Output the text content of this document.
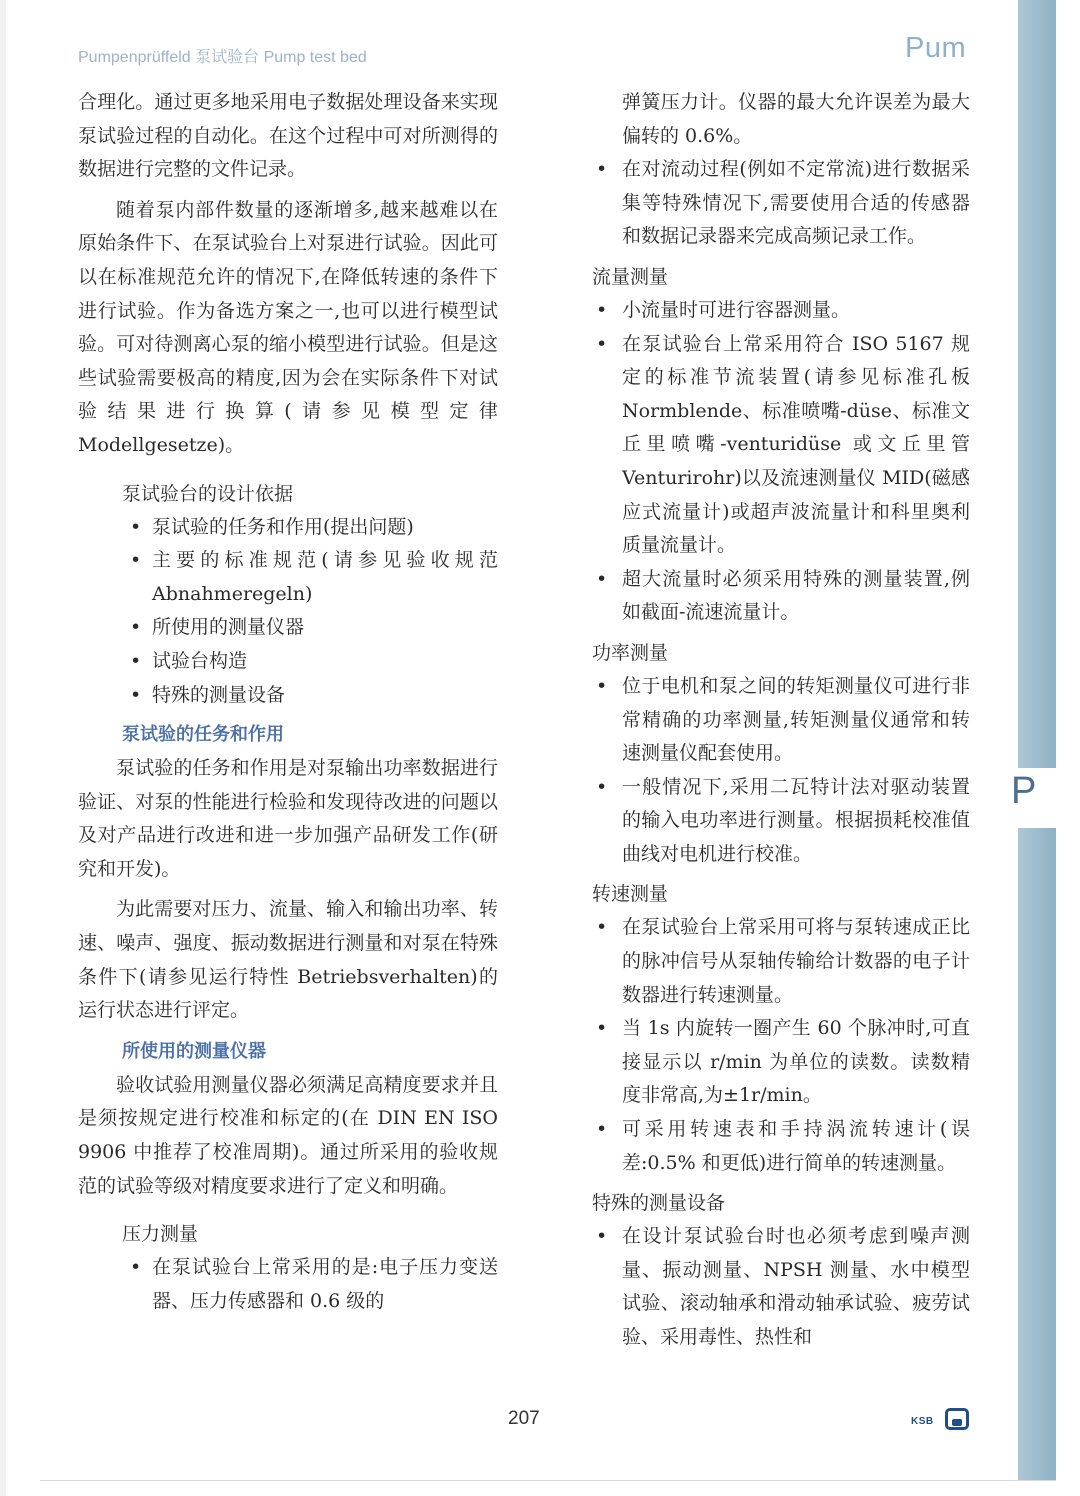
Pumpenprüffeld 泵试验台 Pump test bed	Pum
P

合理化。通过更多地采用电子数据处理设备来实现泵试验过程的自动化。在这个过程中可对所测得的数据进行完整的文件记录。

随着泵内部件数量的逐渐增多,越来越难以在原始条件下、在泵试验台上对泵进行试验。因此可以在标准规范允许的情况下,在降低转速的条件下进行试验。作为备选方案之一,也可以进行模型试验。可对待测离心泵的缩小模型进行试验。但是这些试验需要极高的精度,因为会在实际条件下对试验结果进行换算(请参见模型定律 Modellgesetze)。

泵试验台的设计依据
• 泵试验的任务和作用(提出问题)
• 主要的标准规范(请参见验收规范 Abnahmeregeln)
• 所使用的测量仪器
• 试验台构造
• 特殊的测量设备
泵试验的任务和作用

泵试验的任务和作用是对泵输出功率数据进行验证、对泵的性能进行检验和发现待改进的问题以及对产品进行改进和进一步加强产品研发工作(研究和开发)。

为此需要对压力、流量、输入和输出功率、转速、噪声、强度、振动数据进行测量和对泵在特殊条件下(请参见运行特性 Betriebsverhalten)的运行状态进行评定。

所使用的测量仪器

验收试验用测量仪器必须满足高精度要求并且是须按规定进行校准和标定的(在 DIN EN ISO 9906 中推荐了校准周期)。通过所采用的验收规范的试验等级对精度要求进行了定义和明确。

压力测量
• 在泵试验台上常采用的是:电子压力变送器、压力传感器和 0.6 级的
弹簧压力计。仪器的最大允许误差为最大偏转的 0.6%。
• 在对流动过程(例如不定常流)进行数据采集等特殊情况下,需要使用合适的传感器和数据记录器来完成高频记录工作。
流量测量
• 小流量时可进行容器测量。
• 在泵试验台上常采用符合 ISO 5167 规定的标准节流装置(请参见标准孔板 Normblende、标准喷嘴-düse、标准文丘里喷嘴-venturidüse 或文丘里管 Venturirohr)以及流速测量仪 MID(磁感应式流量计)或超声波流量计和科里奥利质量流量计。
• 超大流量时必须采用特殊的测量装置,例如截面-流速流量计。
功率测量
• 位于电机和泵之间的转矩测量仪可进行非常精确的功率测量,转矩测量仪通常和转速测量仪配套使用。
• 一般情况下,采用二瓦特计法对驱动装置的输入电功率进行测量。根据损耗校准值曲线对电机进行校准。
转速测量
• 在泵试验台上常采用可将与泵转速成正比的脉冲信号从泵轴传输给计数器的电子计数器进行转速测量。
• 当 1s 内旋转一圈产生 60 个脉冲时,可直接显示以 r/min 为单位的读数。读数精度非常高,为±1r/min。
• 可采用转速表和手持涡流转速计(误差:0.5% 和更低)进行简单的转速测量。
特殊的测量设备
• 在设计泵试验台时也必须考虑到噪声测量、振动测量、NPSH 测量、水中模型试验、滚动轴承和滑动轴承试验、疲劳试验、采用毒性、热性和
207	KSB
